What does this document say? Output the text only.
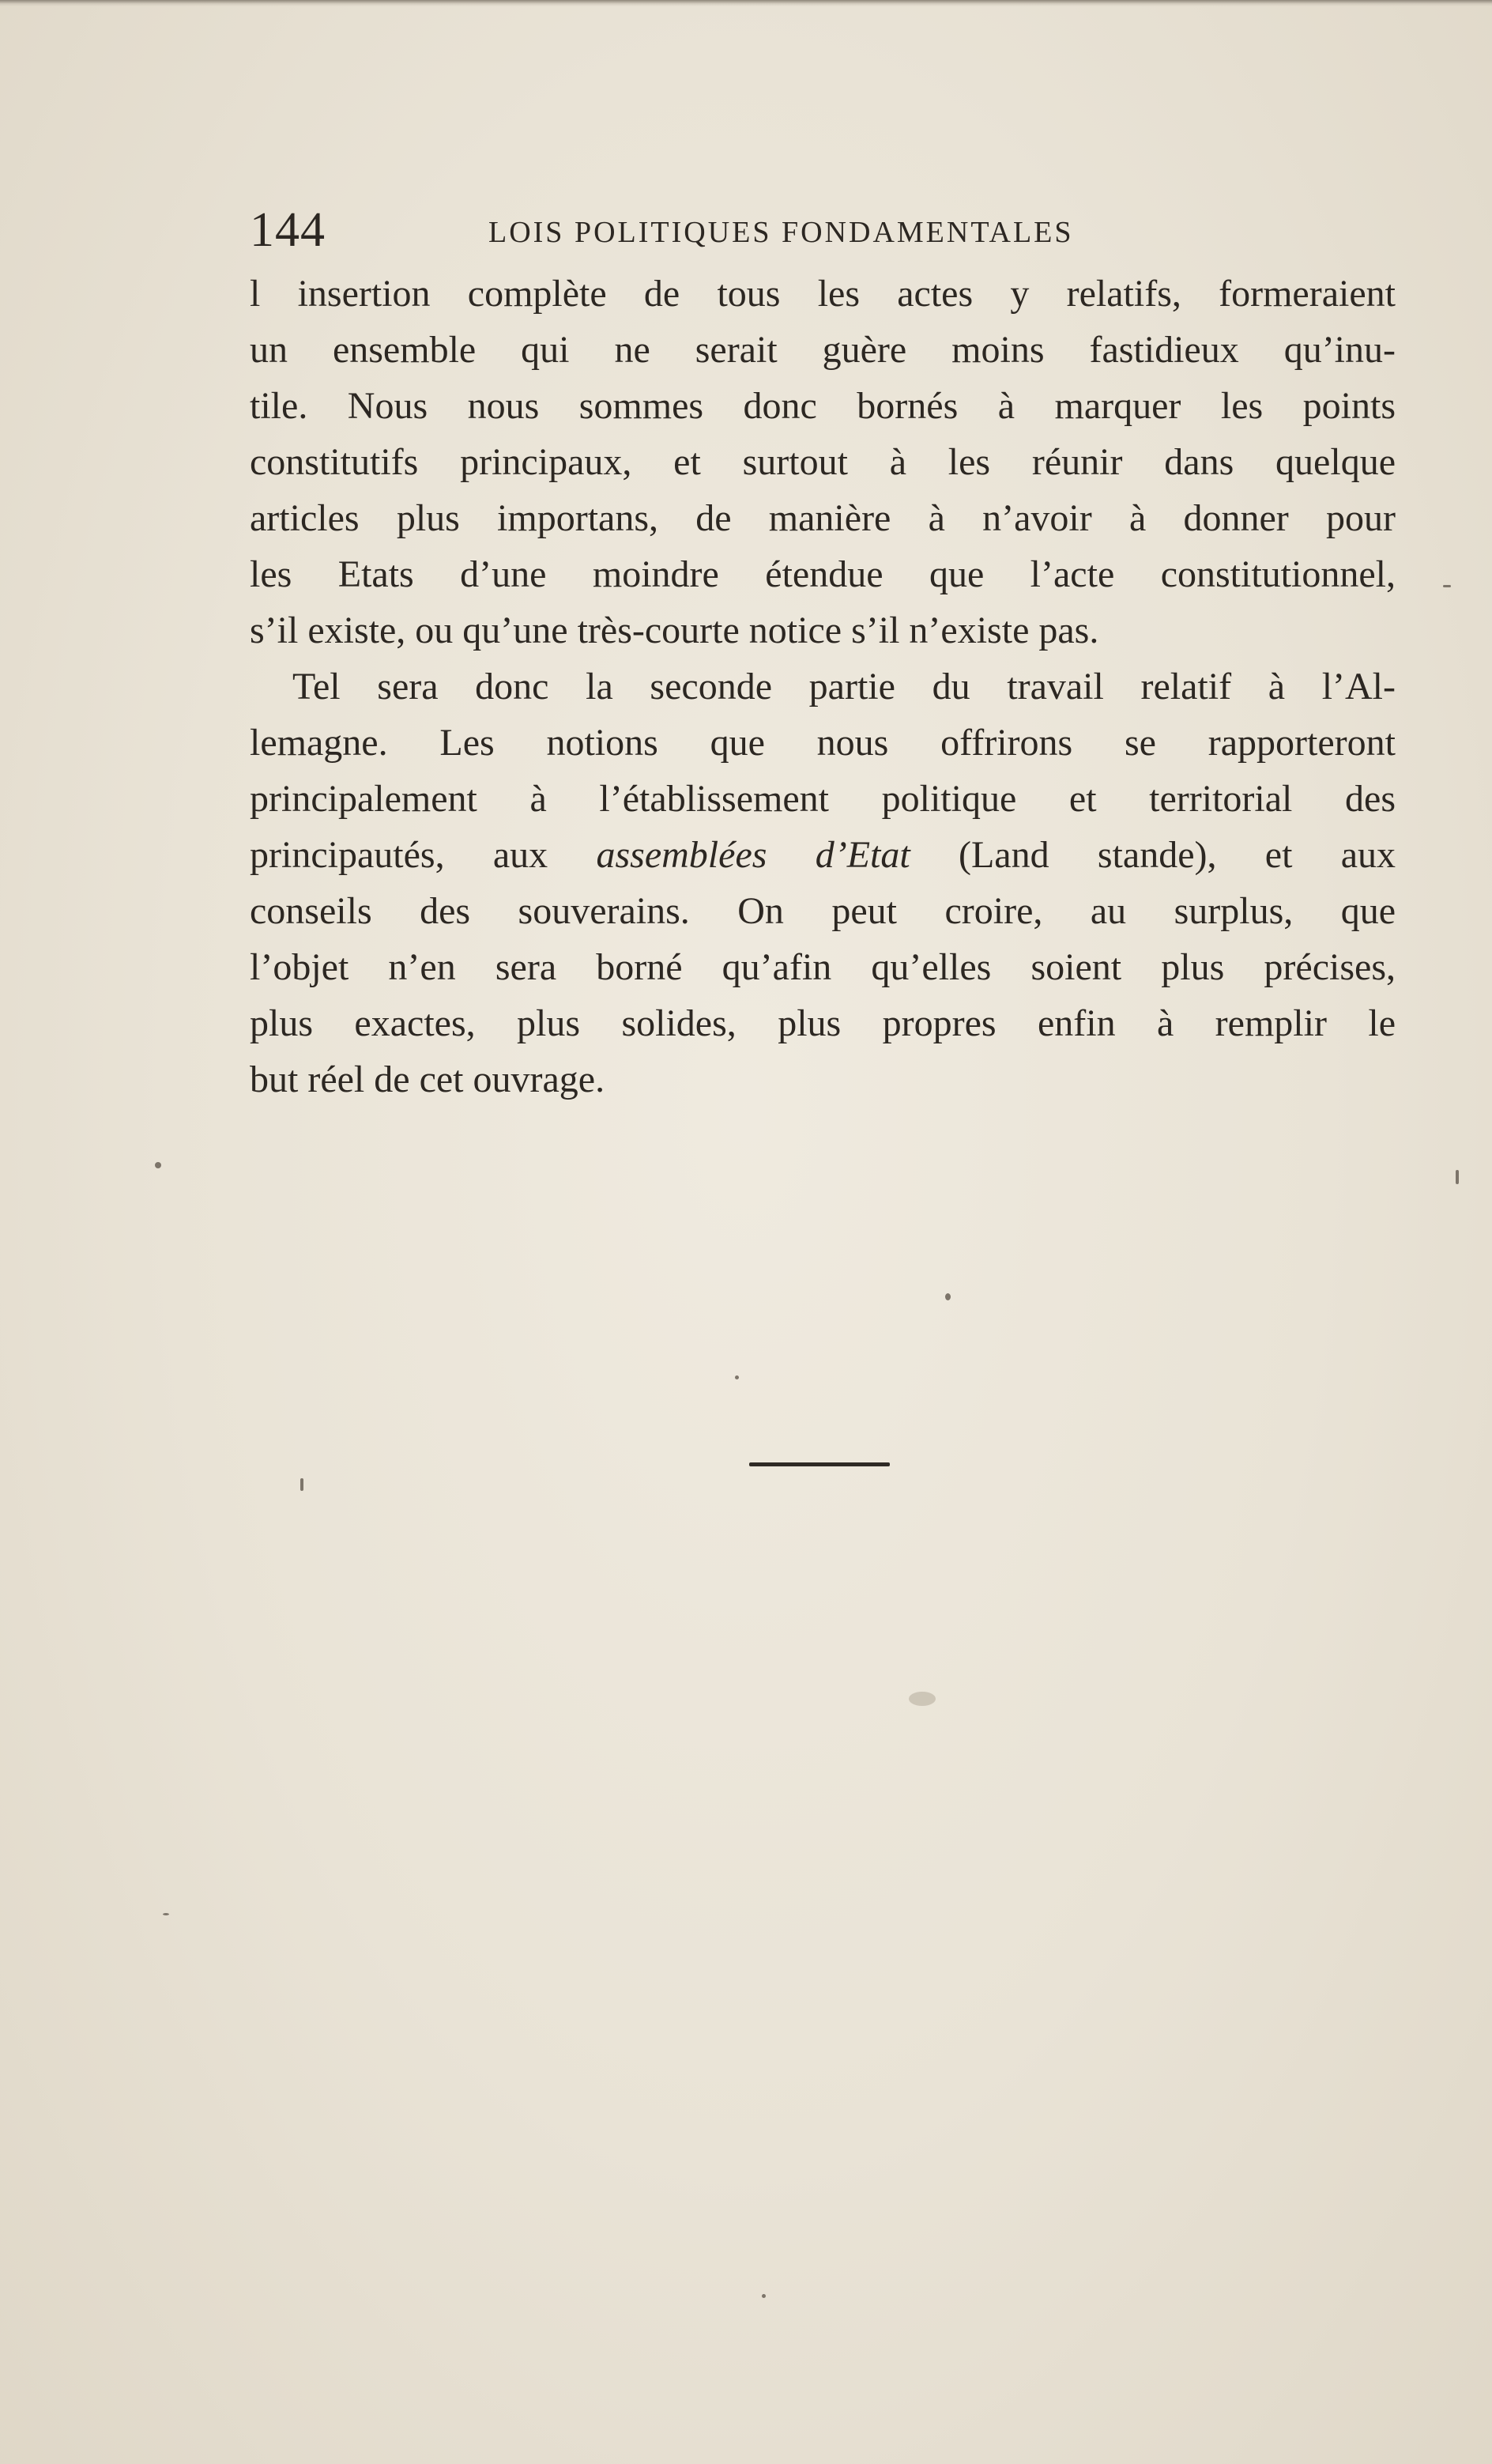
144	LOIS POLITIQUES FONDAMENTALES
l insertion complète de tous les actes y relatifs, formeraient
un ensemble qui ne serait guère moins fastidieux qu’inu-
tile. Nous nous sommes donc bornés à marquer les points
constitutifs principaux, et surtout à les réunir dans quelque
articles plus importans, de manière à n’avoir à donner pour
les Etats d’une moindre étendue que l’acte constitutionnel,
s’il existe, ou qu’une très-courte notice s’il n’existe pas.
Tel sera donc la seconde partie du travail relatif à l’Al-
lemagne. Les notions que nous offrirons se rapporteront
principalement à l’établissement politique et territorial des
principautés, aux assemblées d’Etat (Land stande), et aux
conseils des souverains. On peut croire, au surplus, que
l’objet n’en sera borné qu’afin qu’elles soient plus précises,
plus exactes, plus solides, plus propres enfin à remplir le
but réel de cet ouvrage.
